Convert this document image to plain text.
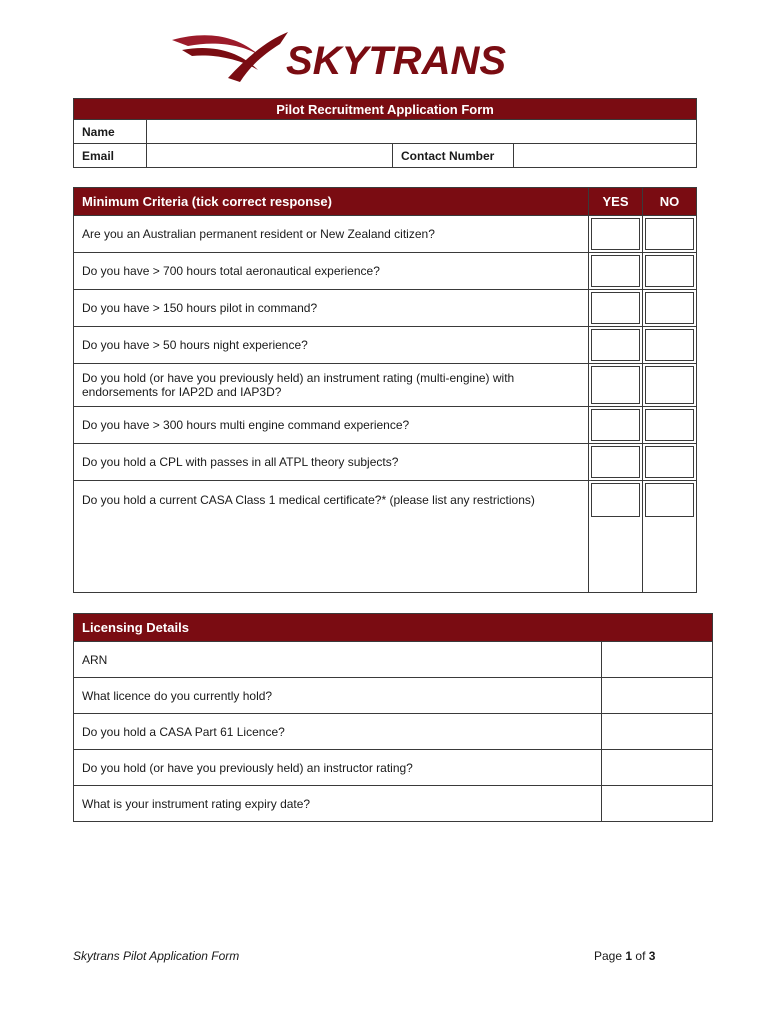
SKYTRANS
Pilot Recruitment Application Form			
Name			
Email		Contact Number	
Minimum Criteria (tick correct response)	YES	NO
Are you an Australian permanent resident or New Zealand citizen?	

Do you have > 700 hours total aeronautical experience?	

Do you have > 150 hours pilot in command?	

Do you have > 50 hours night experience?	

Do you hold (or have you previously held) an instrument rating (multi-engine) with endorsements for IAP2D and IAP3D?		

Do you have > 300 hours multi engine command experience?	

Do you hold a CPL with passes in all ATPL theory subjects?	

Do you hold a current CASA Class 1 medical certificate?* (please list any restrictions)	

Licensing Details	
ARN	
What licence do you currently hold?	
Do you hold a CASA Part 61 Licence?	
Do you hold (or have you previously held) an instructor rating?	
What is your instrument rating expiry date?	
Skytrans Pilot Application Form	Page 1 of 3
